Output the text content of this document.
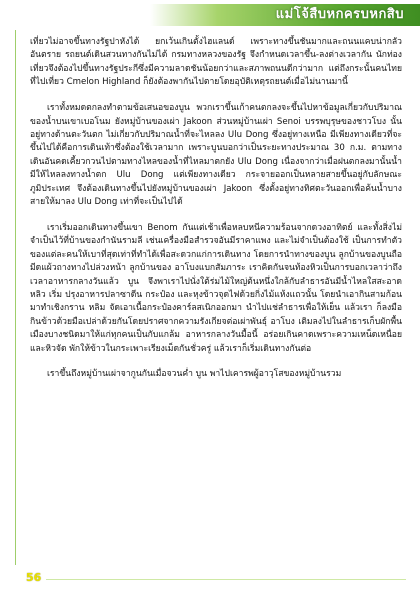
แม่โจ้สืบหกครบหกสิบ

เที่ยวไม่อาจขึ้นทางรัฐปาหังได้ ยกเว้นเกินตั้งไฮแลนด์ เพราะทางขึ้นชันมากและถนนแคบน่ากลัวอันตราย รถยนต์เดินสวนทางกันไม่ได้ กรมทางหลวงของรัฐ จึงกำหนดเวลาขึ้น-ลงต่างเวลากัน นักท่องเที่ยวจึงต้องไปขึ้นทางรัฐประกีซึ่งมีความลาดชันน้อยกว่าและสภาพถนนดีกว่ามาก แต่ถึงกระนั้นคนไทยที่ไปเที่ยว Cmelon Highland ก็ยังต้องพากันไปตายโดยอุบัติเหตุรถยนต์เมื่อไม่นานมานี้

เราทั้งหมดตกลงทำตามข้อเสนอของบูน พวกเราขึ้นเก้าคนตกลงจะขึ้นไปหาข้อมูลเกี่ยวกับปริมาณของน้ำบนเขาเบอโนม ยังหมู่บ้านของเผ่า Jakoon ส่วนหมู่บ้านเผ่า Senoi บรรพบุรุษของชาวโบง นั้นอยู่ทางด้านตะวันตก ไม่เกี่ยวกับปริมาณน้ำที่จะไหลลง Ulu Dong ซึ่งอยู่ทางเหนือ มีเพียงทางเดียวที่จะขึ้นไปได้คือการเดินเท้าซึ่งต้องใช้เวลามาก เพราะบูนบอกว่าเป็นระยะทางประมาณ 30 ก.ม. ตามทางเดินอันคดเคี้ยวกวนไปตามทางไหลของน้ำที่ไหลมาตกยัง Ulu Dong เนื่องจากว่าเมื่อฝนตกลงมานั้นน้ำมีให้ไหลลงทางน้ำตก Ulu Dong แต่เพียงทางเดียว กระจายออกเป็นหลายสายขึ้นอยู่กับลักษณะภูมิประเทศ จึงต้องเดินทางขึ้นไปยังหมู่บ้านของเผ่า Jakoon ซึ่งตั้งอยู่ทางทิศตะวันออกเพื่อค้นน้ำบางสายให้มาลง Ulu Dong เท่าที่จะเป็นไปได้

เราเริ่มออกเดินทางขึ้นเขา Benom กันแต่เช้าเพื่อหลบหนีความร้อนจากดวงอาทิตย์ และทั้งสิ่งไม่จำเป็นไว้ที่บ้านของกำนันรามลี เช่นเครื่องมือสำรวจอันมีราคาแพง และไม่จำเป็นต้องใช้ เป็นการทำตัวของแต่ละคนให้เบาที่สุดเท่าที่ทำได้เพื่อสะดวกแก่การเดินทาง โดยการนำทางของบูน ลูกบ้านของบูนถือมีดแผ้วถางทางไปล่วงหน้า ลูกบ้านของ อาโบงแบกสัมภาระ เราคิดกันจนท้องหิวเป็นการบอกเวลาว่าถึงเวลาอาหารกลางวันแล้ว บูน จึงพาเราไปนั่งใต้ร่มไม้ใหญ่ต้นหนึ่งใกล้กับลำธารอันมีน้ำไหลใสสะอาด หลิว เริ่ม ปรุงอาหารปลาซาดีน กระป๋อง และหุงข้าวจุดไฟด้วยกิ่งไม้แห้งแถวนั้น โดยนำเอากินสามก้อนมาทำเชิงกราน หลิม จัดเอาเนื้อกระป๋องคาร์ลสเนิกออกมา นำไปแช่ลำธารเพื่อให้เย็น แล้วเรา ก็ลงมือกินข้าวด้วยมือเปล่าด้วยกันโดยปราศจากความรังเกียจต่อเผ่าพันธุ์ อาโบง เติมลงไปในลำธารเก็บผักพื้นเมืองบางชนิดมาให้แก่ทุกคนเป็นกับแกล้ม อาหารกลางวันมื้อนี้ อร่อยเกินคาดเพราะความเหน็ดเหนื่อยและหิวจัด พักให้ข้าวในกระเพาะเรียงเม็ดกันชั่วครู่ แล้วเราก็เริ่มเดินทางกันต่อ

เราขึ้นถึงหมู่บ้านเผ่าจากูนกันเมื่อจวนค่ำ บูน พาไปเคารพผู้อาวุโสของหมู่บ้านรวม

56
